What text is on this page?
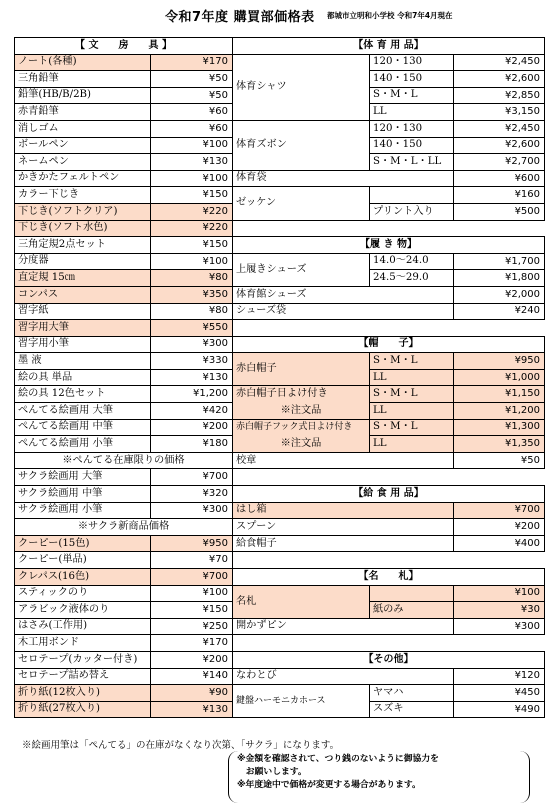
令和7年度 購買部価格表 都城市立明和小学校 令和7年4月現在
【 文　　房　　具 】	
ノート(各種)	¥170
三角鉛筆	¥50
鉛筆(HB/B/2B)	¥50
赤青鉛筆	¥60
消しゴム	¥60
ボールペン	¥100
ネームペン	¥130
かきかたフェルトペン	¥100
カラー下じき	¥150
下じき(ソフトクリア)	¥220
下じき(ソフト水色)	¥220
三角定規2点セット	¥150
分度器	¥100
直定規 15㎝	¥80
コンパス	¥350
習字紙	¥80
習字用大筆	¥550
習字用小筆	¥300
墨 液	¥330
絵の具 単品	¥130
絵の具 12色セット	¥1,200
ぺんてる絵画用 大筆	¥420
ぺんてる絵画用 中筆	¥200
ぺんてる絵画用 小筆	¥180
※ぺんてる在庫限りの価格	
サクラ絵画用 大筆	¥700
サクラ絵画用 中筆	¥320
サクラ絵画用 小筆	¥300
※サクラ新商品価格	
クーピー(15色)	¥950
クーピー(単品)	¥70
クレパス(16色)	¥700
スティックのり	¥100
アラビック液体のり	¥150
はさみ(工作用)	¥250
木工用ボンド	¥170
セロテープ(カッター付き)	¥200
セロテープ詰め替え	¥140
折り紙(12枚入り)	¥90
折り紙(27枚入り)	¥130
【体 育 用 品】		
体育シャツ	120・130	¥2,450
	140・150	¥2,600
	S・M・L	¥2,850
	LL	¥3,150
体育ズボン	120・130	¥2,450
	140・150	¥2,600
	S・M・L・LL	¥2,700
体育袋		¥600
ゼッケン		¥160
	プリント入り	¥500

【履 き 物】		
上履きシューズ	14.0～24.0	¥1,700
	24.5～29.0	¥1,800
体育館シューズ		¥2,000
シューズ袋		¥240

【帽　　子】		
赤白帽子	S・M・L	¥950
	LL	¥1,000
赤白帽子日よけ付き	S・M・L	¥1,150
※注文品	LL	¥1,200
赤白帽子フック式日よけ付き	S・M・L	¥1,300
※注文品	LL	¥1,350
校章		¥50

【給 食 用 品】		
はし箱		¥700
スプーン		¥200
給食帽子		¥400

【名　　札】		
名札		¥100
	紙のみ	¥30
開かずピン		¥300

【その他】		
なわとび		¥120
鍵盤ハーモニカホース	ヤマハ	¥450
	スズキ	¥490
※絵画用筆は「ぺんてる」の在庫がなくなり次第、「サクラ」になります。
※金額を確認されて、つり銭のないように御協力を
　お願いします。
※年度途中で価格が変更する場合があります。
